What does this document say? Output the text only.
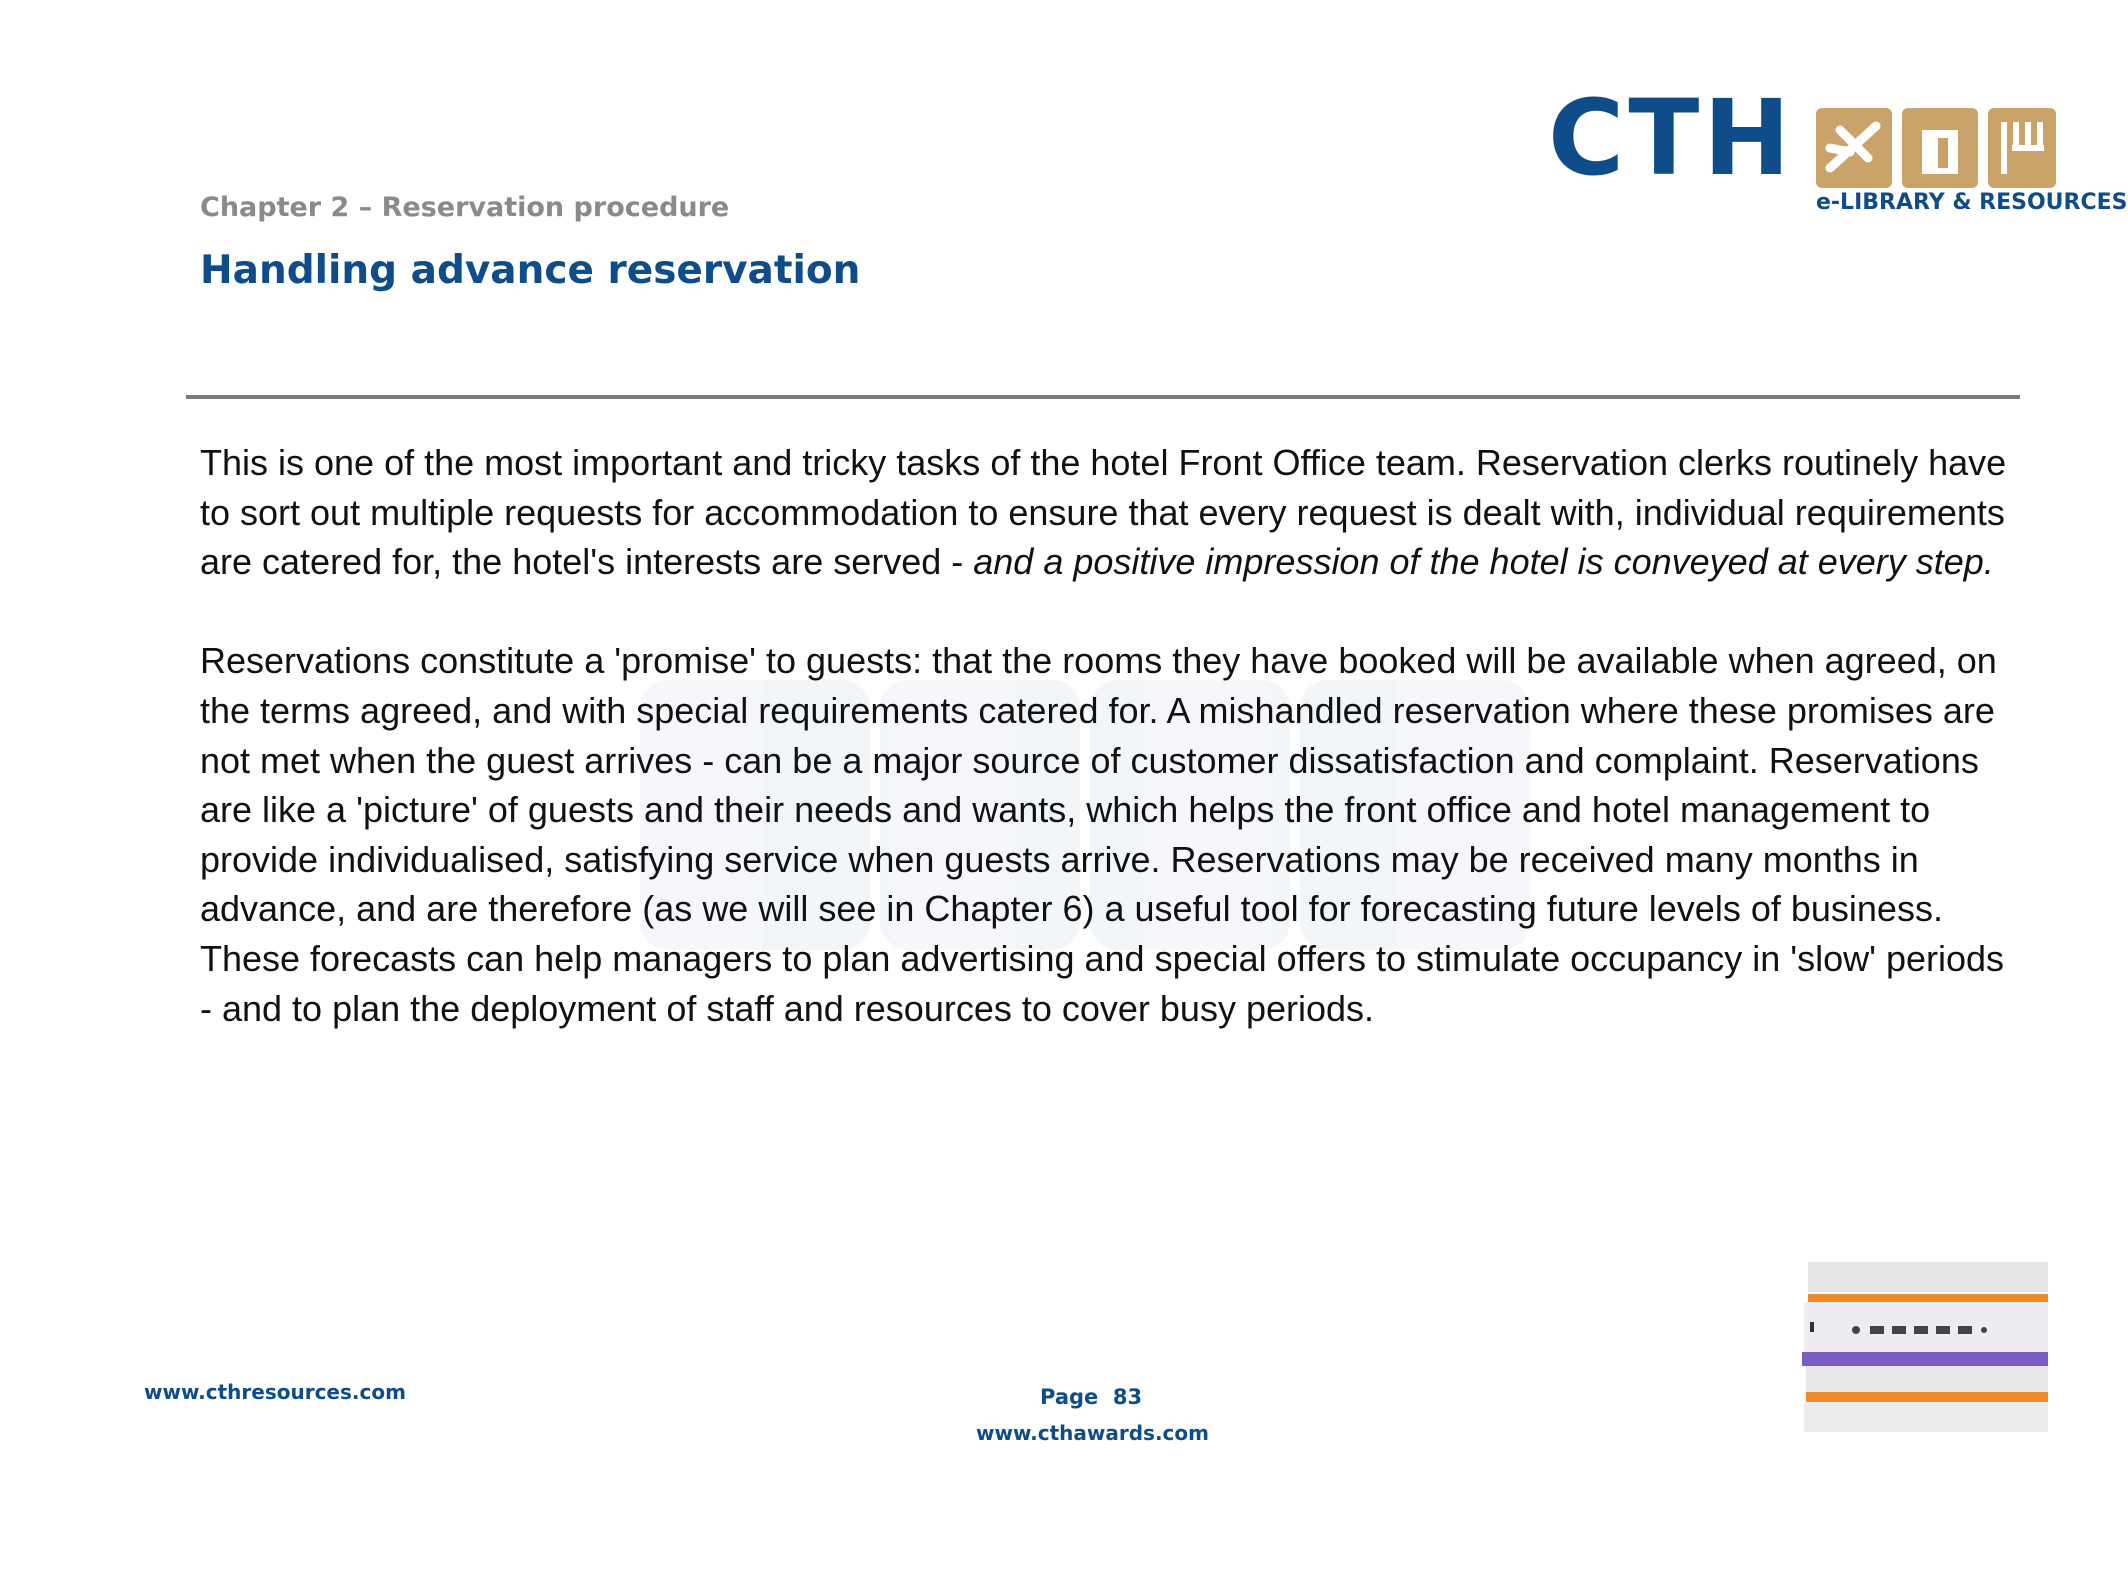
CTH
e-LIBRARY & RESOURCES
Chapter 2 – Reservation procedure
Handling advance reservation

This is one of the most important and tricky tasks of the hotel Front Office team. Reservation clerks routinely have to sort out multiple requests for accommodation to ensure that every request is dealt with, individual requirements are catered for, the hotel's interests are served - and a positive impression of the hotel is conveyed at every step.

Reservations constitute a 'promise' to guests: that the rooms they have booked will be available when agreed, on the terms agreed, and with special requirements catered for. A mishandled reservation where these promises are not met when the guest arrives - can be a major source of customer dissatisfaction and complaint. Reservations are like a 'picture' of guests and their needs and wants, which helps the front office and hotel management to provide individualised, satisfying service when guests arrive. Reservations may be received many months in advance, and are therefore (as we will see in Chapter 6) a useful tool for forecasting future levels of business. These forecasts can help managers to plan advertising and special offers to stimulate occupancy in 'slow' periods - and to plan the deployment of staff and resources to cover busy periods.

www.cthresources.com	Page 83
www.cthawards.com
